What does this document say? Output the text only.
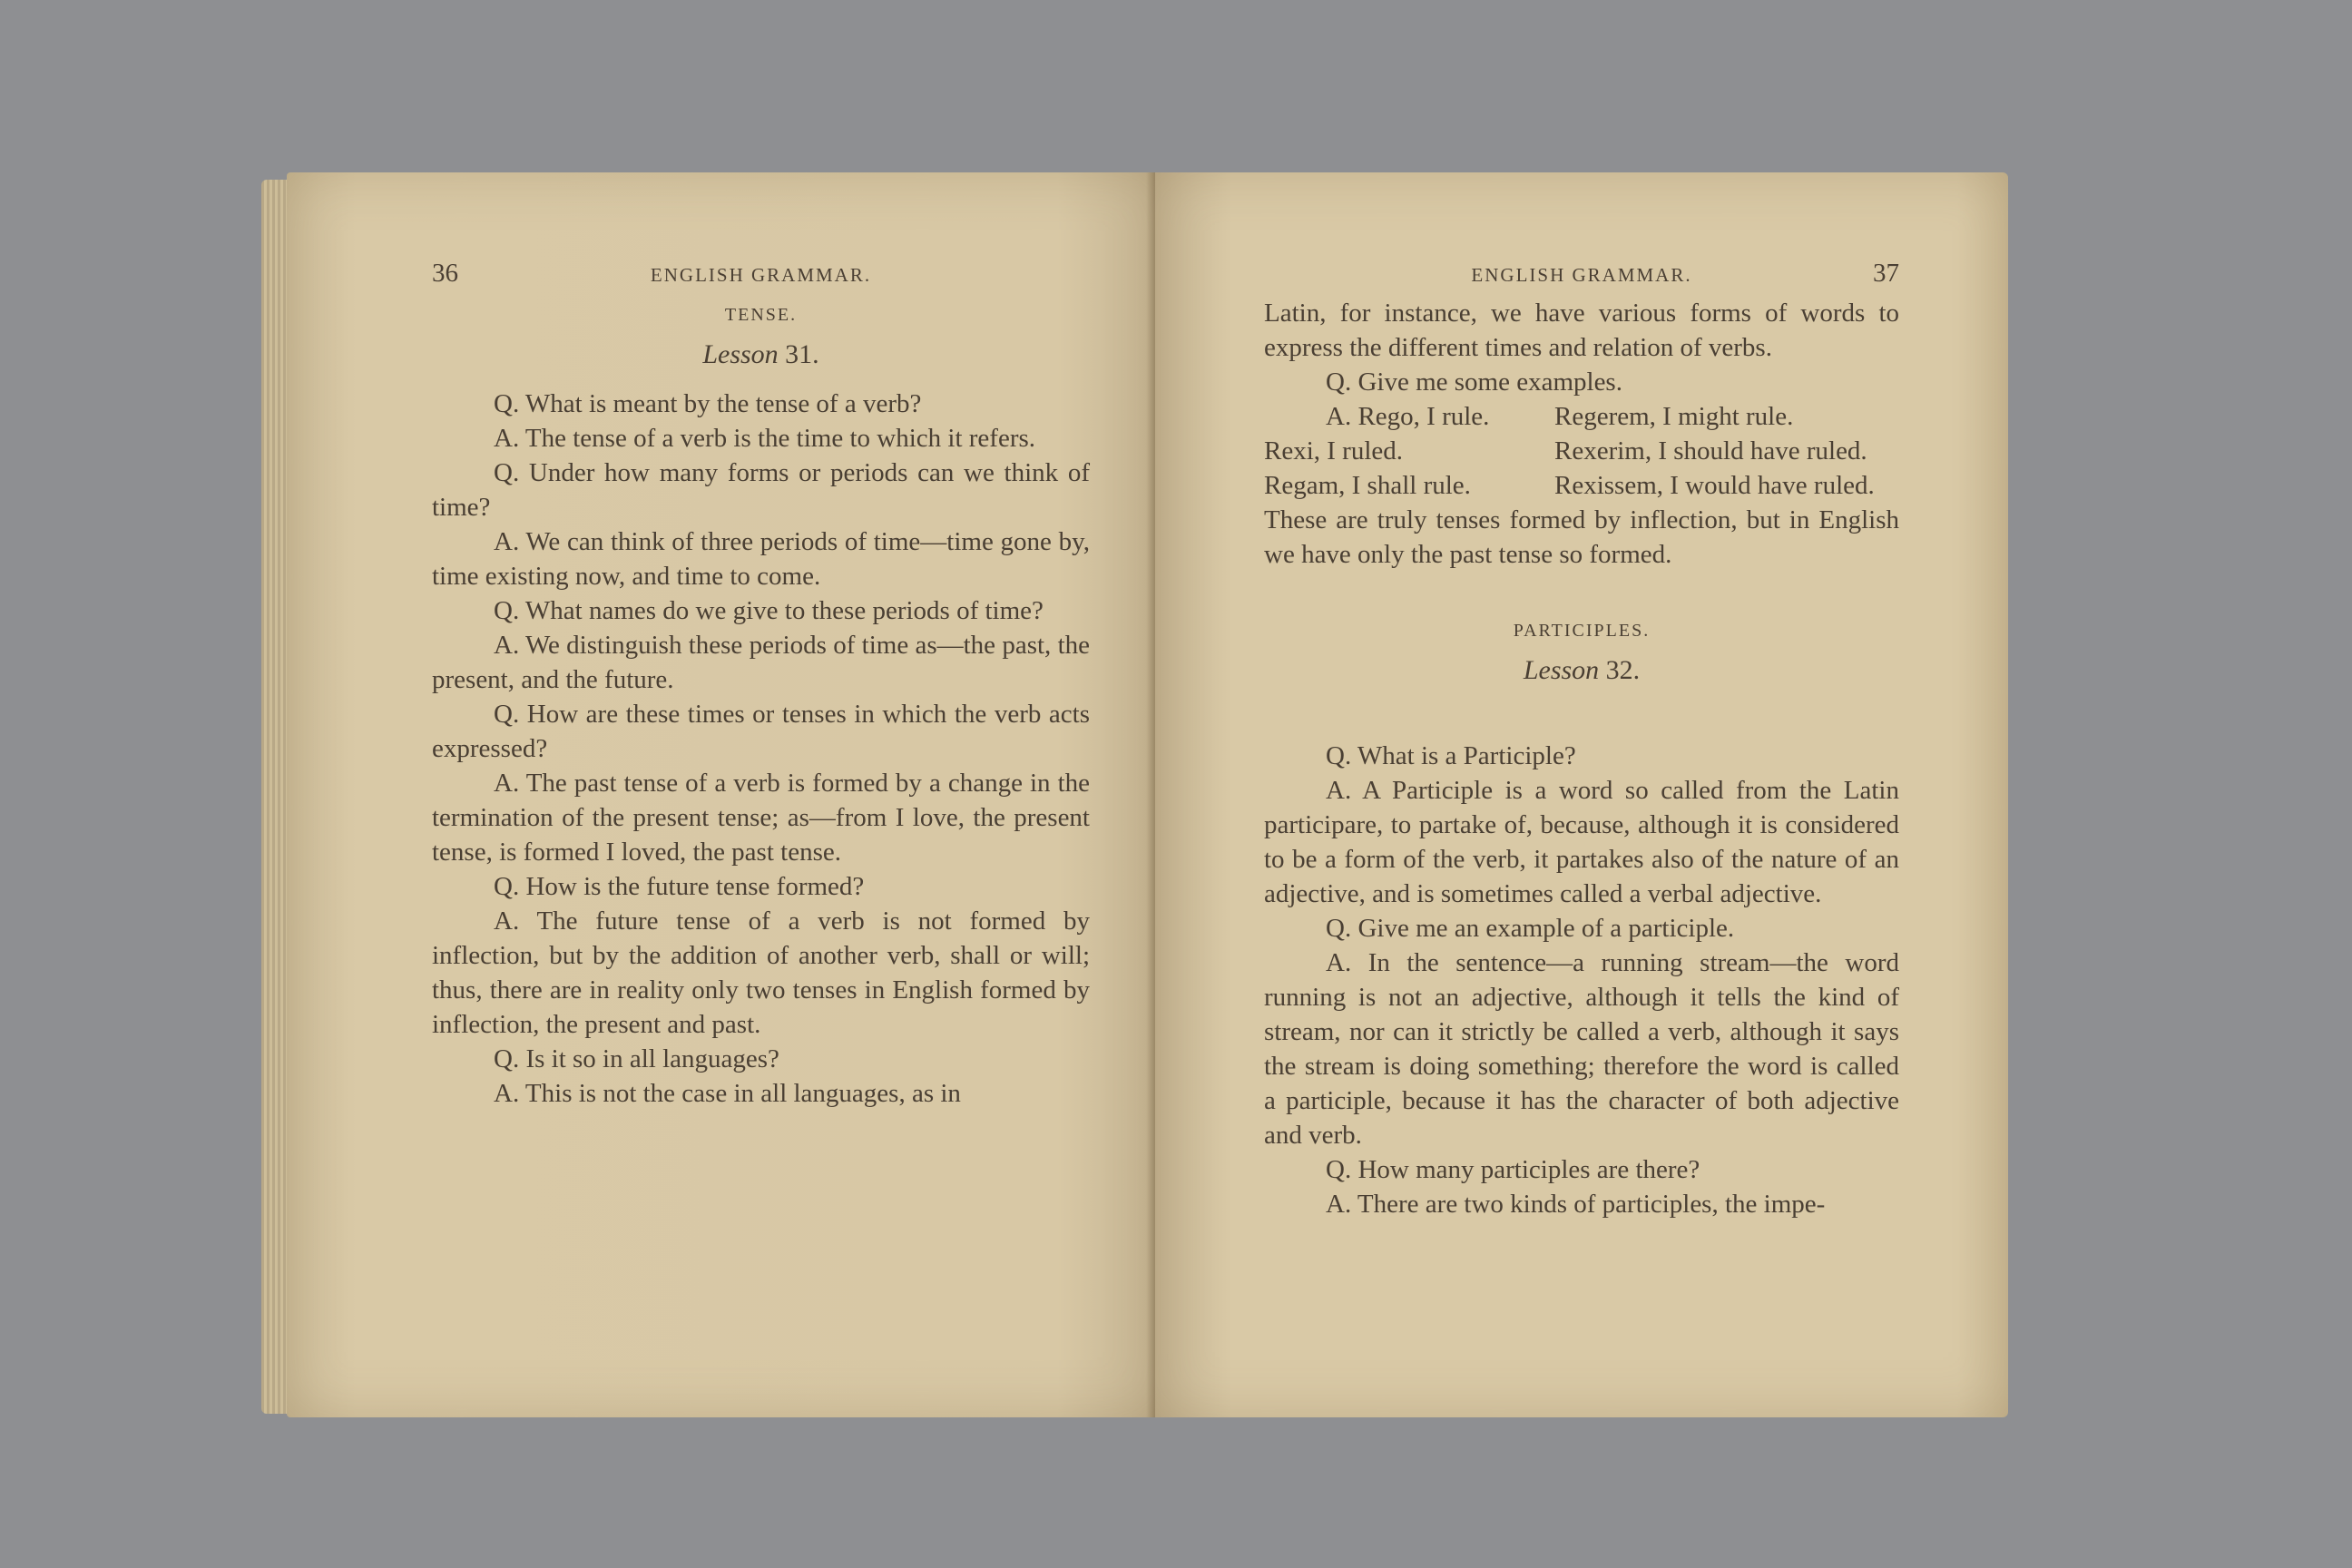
36	ENGLISH GRAMMAR.
TENSE.
Lesson 31.

Q. What is meant by the tense of a verb?

A. The tense of a verb is the time to which it refers.

Q. Under how many forms or periods can we think of time?

A. We can think of three periods of time—time gone by, time existing now, and time to come.

Q. What names do we give to these periods of time?

A. We distinguish these periods of time as—the past, the present, and the future.

Q. How are these times or tenses in which the verb acts expressed?

A. The past tense of a verb is formed by a change in the termination of the present tense; as—from I love, the present tense, is formed I loved, the past tense.

Q. How is the future tense formed?

A. The future tense of a verb is not formed by inflection, but by the addition of another verb, shall or will; thus, there are in reality only two tenses in English formed by inflection, the present and past.

Q. Is it so in all languages?

A. This is not the case in all languages, as in

ENGLISH GRAMMAR.	37

Latin, for instance, we have various forms of words to express the different times and relation of verbs.

Q. Give me some examples.

A. Rego, I rule.	Regerem, I might rule.
Rexi, I ruled.	Rexerim, I should have ruled.
Regam, I shall rule.	Rexissem, I would have ruled.

These are truly tenses formed by inflection, but in English we have only the past tense so formed.

PARTICIPLES.
Lesson 32.

Q. What is a Participle?

A. A Participle is a word so called from the Latin participare, to partake of, because, although it is considered to be a form of the verb, it partakes also of the nature of an adjective, and is sometimes called a verbal adjective.

Q. Give me an example of a participle.

A. In the sentence—a running stream—the word running is not an adjective, although it tells the kind of stream, nor can it strictly be called a verb, although it says the stream is doing something; therefore the word is called a participle, because it has the character of both adjective and verb.

Q. How many participles are there?

A. There are two kinds of participles, the impe-
